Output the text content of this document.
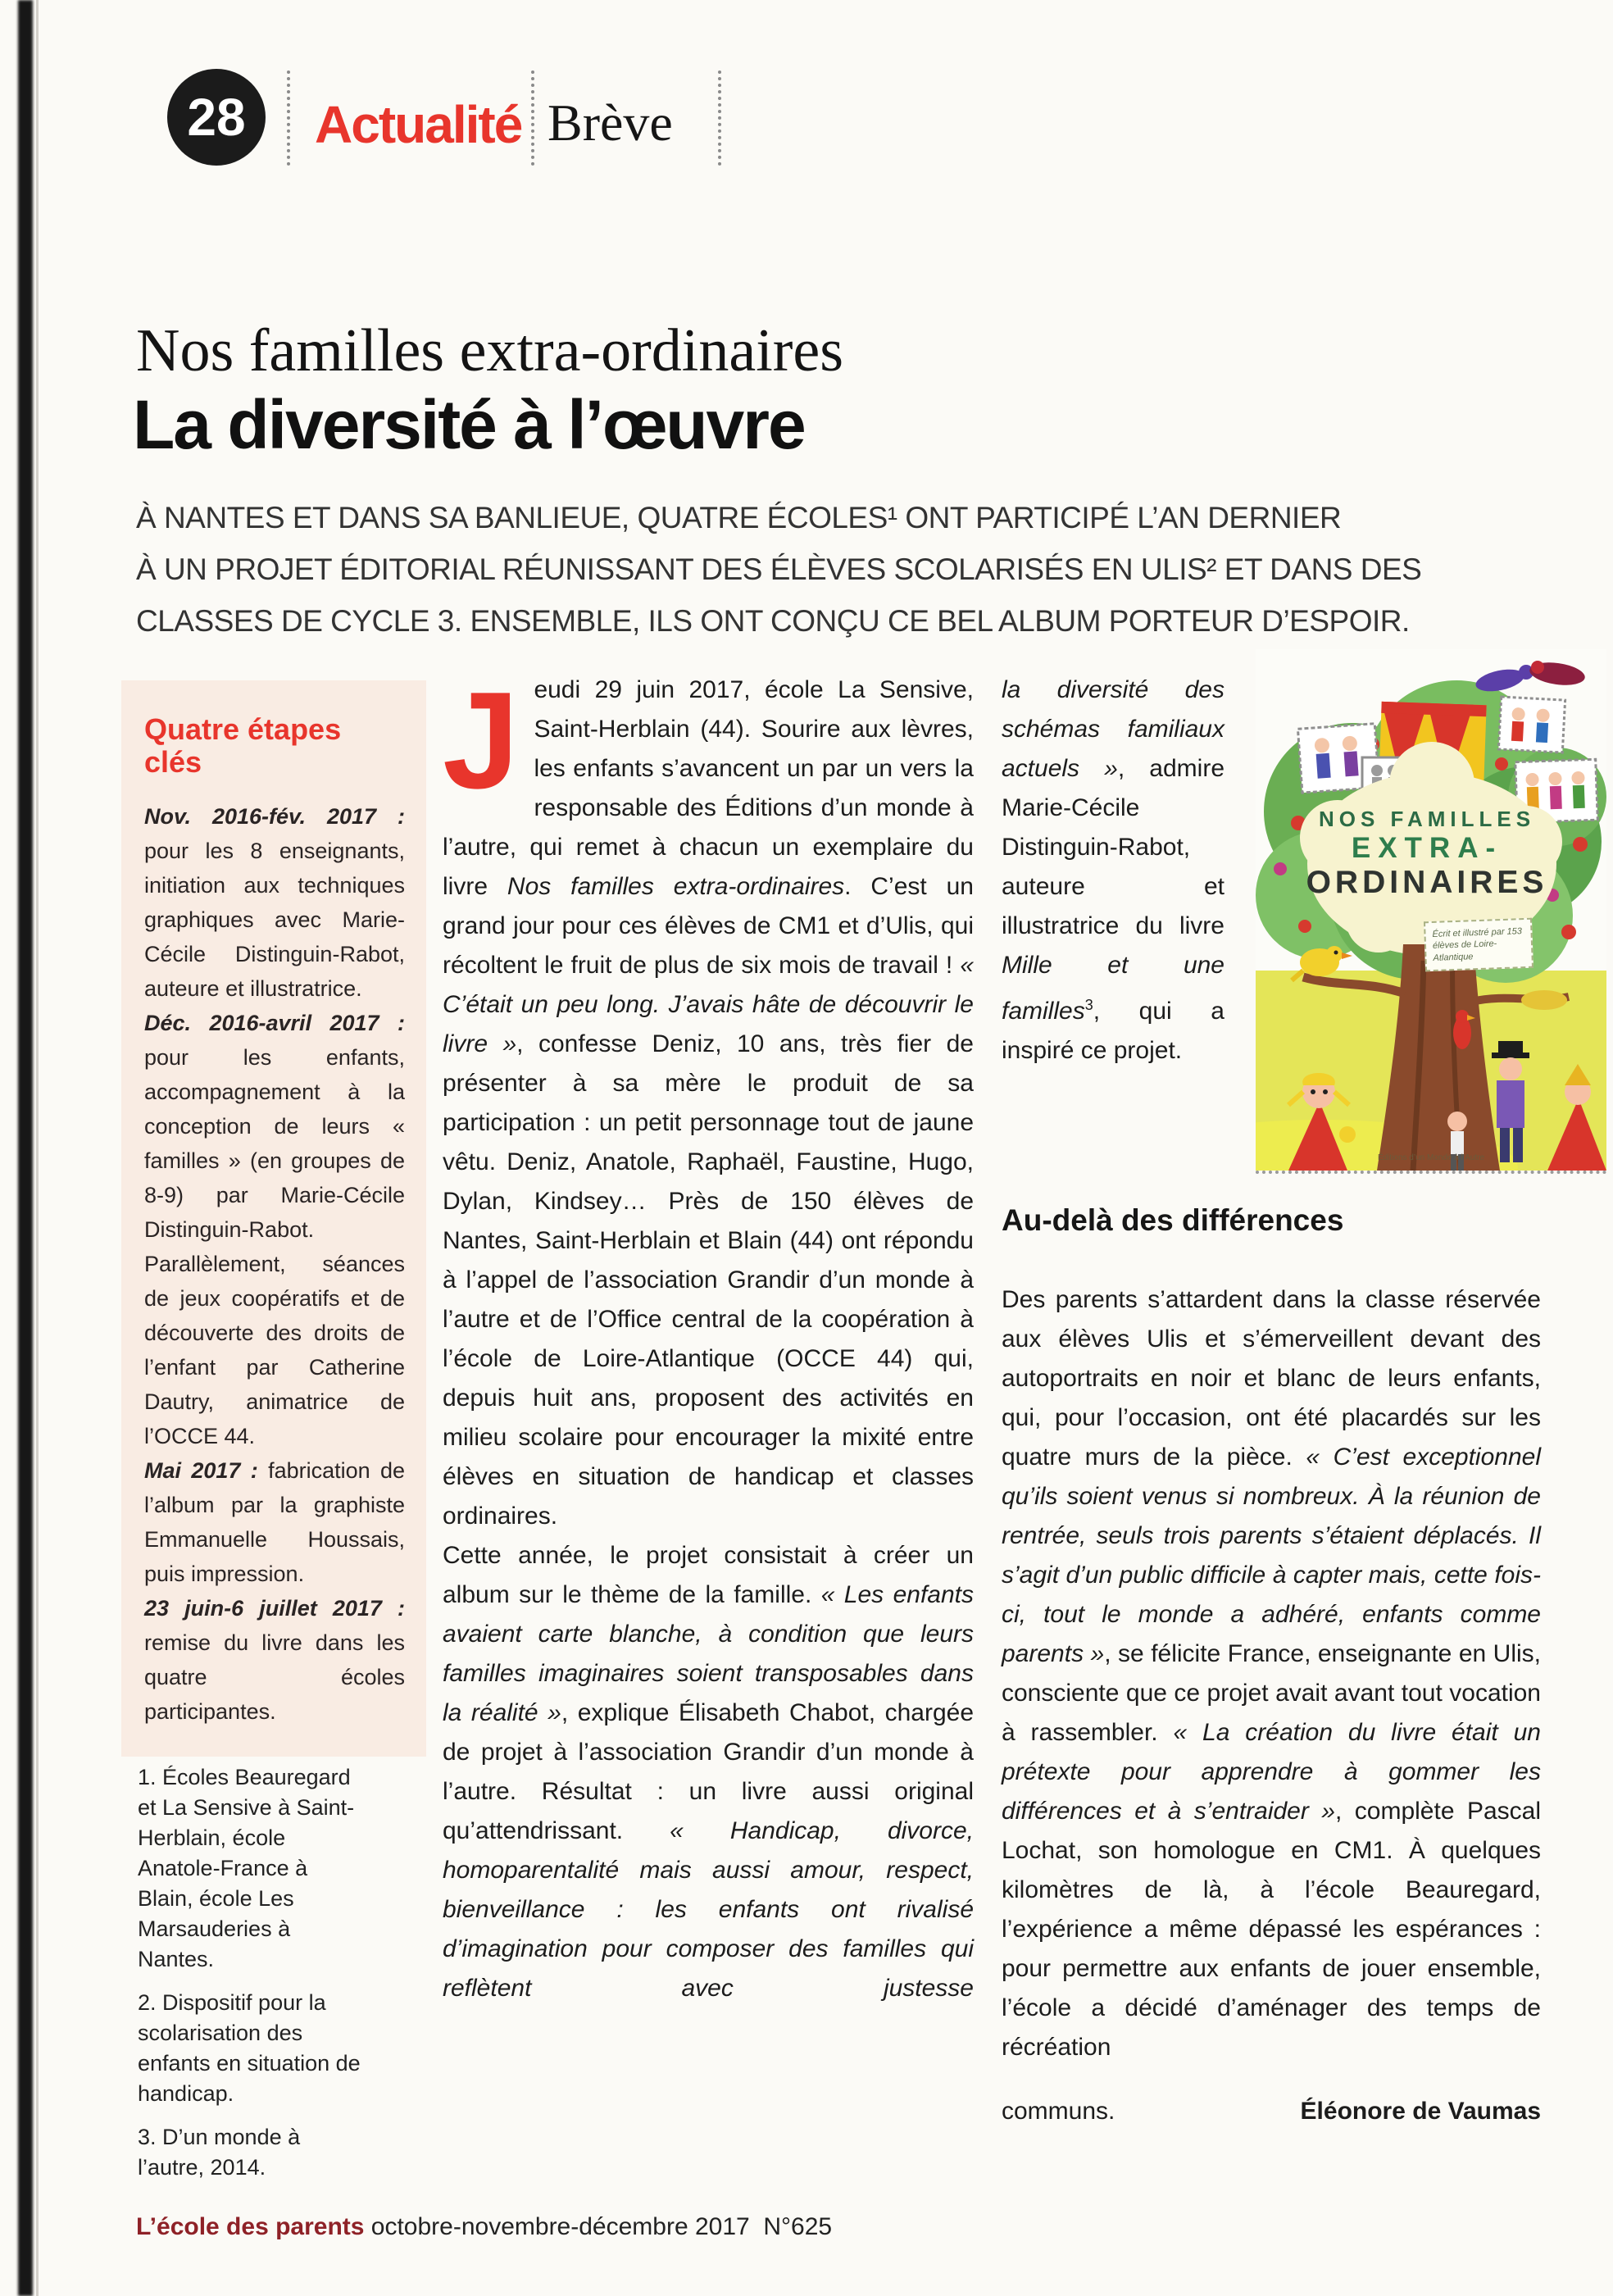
28	Actualité Brève
Nos familles extra-ordinaires
La diversité à l’œuvre
À NANTES ET DANS SA BANLIEUE, QUATRE ÉCOLES¹ ONT PARTICIPÉ L’AN DERNIER
À UN PROJET ÉDITORIAL RÉUNISSANT DES ÉLÈVES SCOLARISÉS EN ULIS² ET DANS DES
CLASSES DE CYCLE 3. ENSEMBLE, ILS ONT CONÇU CE BEL ALBUM PORTEUR D’ESPOIR.
Quatre étapes clés
Nov. 2016-fév. 2017 : pour les 8 enseignants, initiation aux techniques graphiques avec Marie-Cécile Distinguin-Rabot, auteure et illustratrice.
Déc. 2016-avril 2017 : pour les enfants, accompagnement à la conception de leurs « familles » (en groupes de 8-9) par Marie-Cécile Distinguin-Rabot. Parallèlement, séances de jeux coopératifs et de découverte des droits de l’enfant par Catherine Dautry, animatrice de l’OCCE 44.
Mai 2017 : fabrication de l’album par la graphiste Emmanuelle Houssais, puis impression.
23 juin-6 juillet 2017 : remise du livre dans les quatre écoles participantes.
1. Écoles Beauregard et La Sensive à Saint-Herblain, école Anatole-France à Blain, école Les Marsauderies à Nantes.
2. Dispositif pour la scolarisation des enfants en situation de handicap.
3. D’un monde à l’autre, 2014.

Jeudi 29 juin 2017, école La Sensive, Saint-Herblain (44). Sourire aux lèvres, les enfants s’avancent un par un vers la responsable des Éditions d’un monde à l’autre, qui remet à chacun un exemplaire du livre Nos familles extra-ordinaires. C’est un grand jour pour ces élèves de CM1 et d’Ulis, qui récoltent le fruit de plus de six mois de travail ! « C’était un peu long. J’avais hâte de découvrir le livre », confesse Deniz, 10 ans, très fier de présenter à sa mère le produit de sa participation : un petit personnage tout de jaune vêtu. Deniz, Anatole, Raphaël, Faustine, Hugo, Dylan, Kindsey… Près de 150 élèves de Nantes, Saint-Herblain et Blain (44) ont répondu à l’appel de l’association Grandir d’un monde à l’autre et de l’Office central de la coopération à l’école de Loire-Atlantique (OCCE 44) qui, depuis huit ans, proposent des activités en milieu scolaire pour encourager la mixité entre élèves en situation de handicap et classes ordinaires.

Cette année, le projet consistait à créer un album sur le thème de la famille. « Les enfants avaient carte blanche, à condition que leurs familles imaginaires soient transposables dans la réalité », explique Élisabeth Chabot, chargée de projet à l’association Grandir d’un monde à l’autre. Résultat : un livre aussi original qu’attendrissant. « Handicap, divorce, homoparentalité mais aussi amour, respect, bienveillance : les enfants ont rivalisé d’imagination pour composer des familles qui reflètent avec justesse

la diversité des schémas familiaux actuels », admire Marie-Cécile Distinguin-Rabot, auteure et illustratrice du livre Mille et une familles$^3$, qui a inspiré ce projet.
NOS FAMILLES
EXTRA-
ORDINAIRES
Écrit et illustré par 153 élèves de Loire-Atlantique
Éditions d’un Monde à l’Autre
Au-delà des différences

Des parents s’attardent dans la classe réservée aux élèves Ulis et s’émerveillent devant des autoportraits en noir et blanc de leurs enfants, qui, pour l’occasion, ont été placardés sur les quatre murs de la pièce. « C’est exceptionnel qu’ils soient venus si nombreux. À la réunion de rentrée, seuls trois parents s’étaient déplacés. Il s’agit d’un public difficile à capter mais, cette fois-ci, tout le monde a adhéré, enfants comme parents », se félicite France, enseignante en Ulis, consciente que ce projet avait avant tout vocation à rassembler. « La création du livre était un prétexte pour apprendre à gommer les différences et à s’entraider », complète Pascal Lochat, son homologue en CM1. À quelques kilomètres de là, à l’école Beauregard, l’expérience a même dépassé les espérances : pour permettre aux enfants de jouer ensemble, l’école a décidé d’aménager des temps de récréation

communs.	Éléonore de Vaumas
L’école des parents octobre-novembre-décembre 2017 N°625
